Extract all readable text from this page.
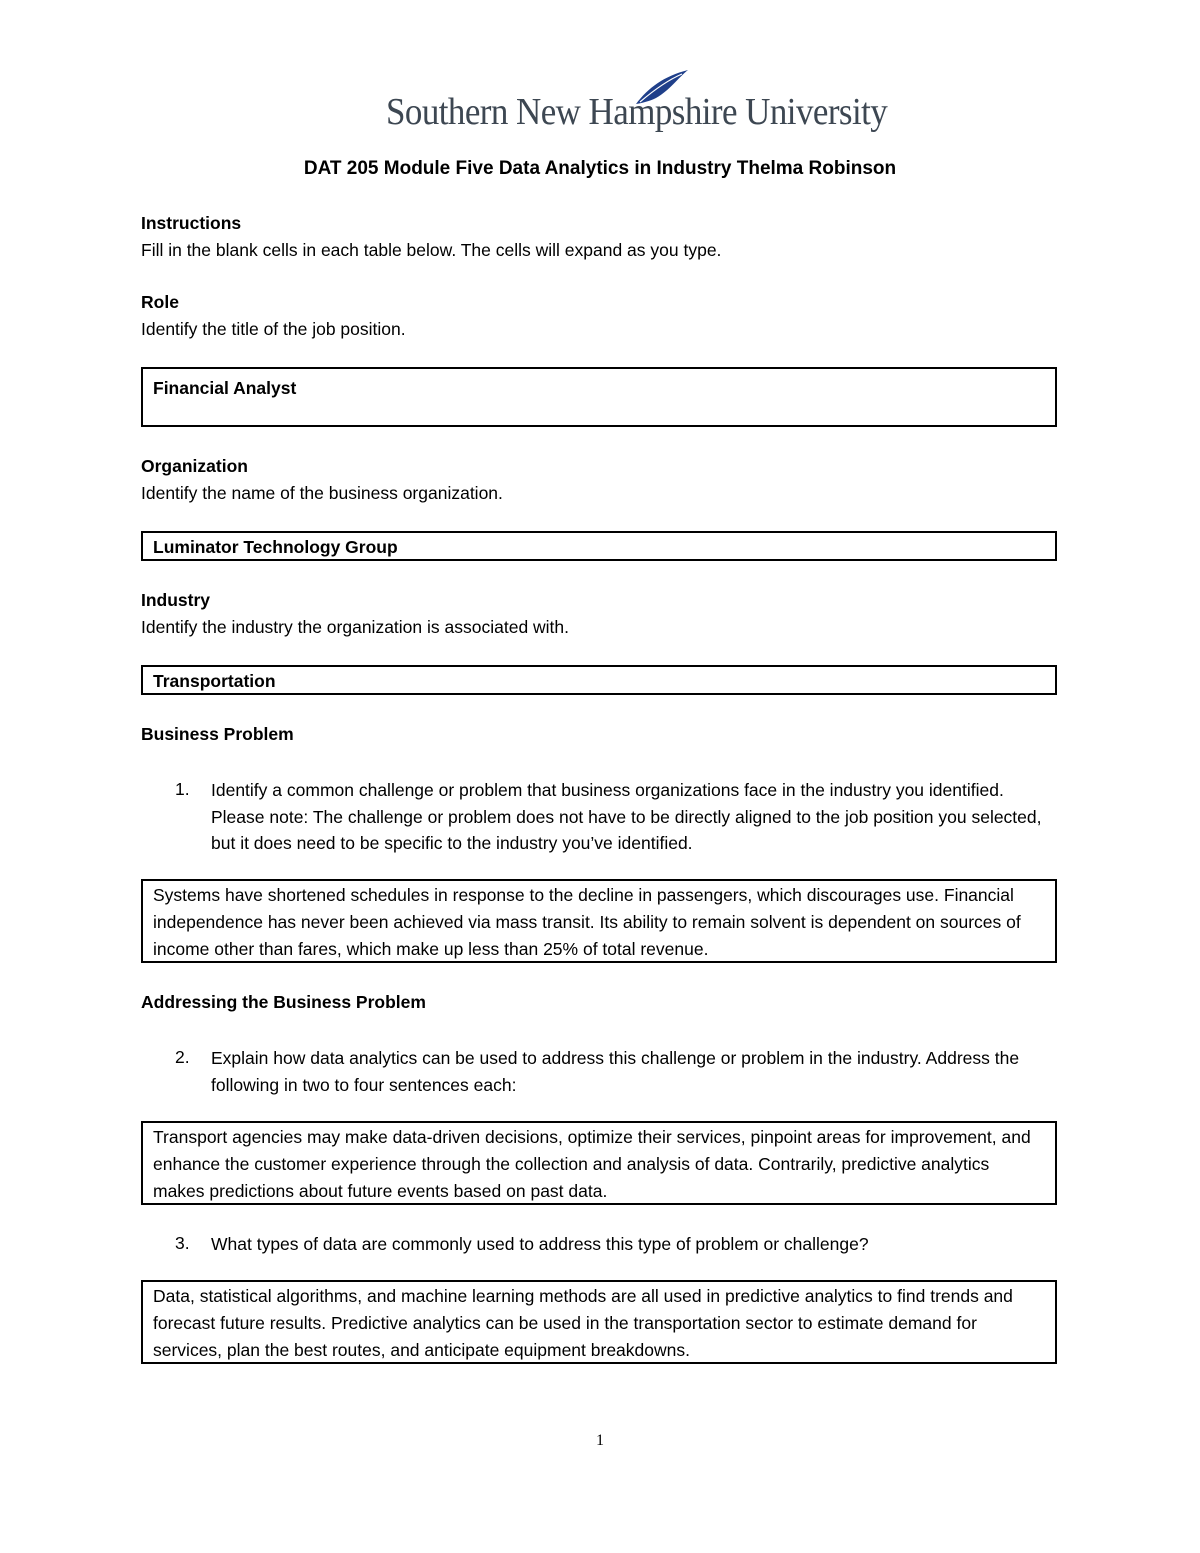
Southern New Hampshire University
DAT 205 Module Five Data Analytics in Industry Thelma Robinson
Instructions
Fill in the blank cells in each table below. The cells will expand as you type.
Role
Identify the title of the job position.
Financial Analyst
Organization
Identify the name of the business organization.
Luminator Technology Group
Industry
Identify the industry the organization is associated with.
Transportation
Business Problem
1. Identify a common challenge or problem that business organizations face in the industry you identified. Please note: The challenge or problem does not have to be directly aligned to the job position you selected, but it does need to be specific to the industry you’ve identified.
Systems have shortened schedules in response to the decline in passengers, which discourages use. Financial independence has never been achieved via mass transit. Its ability to remain solvent is dependent on sources of income other than fares, which make up less than 25% of total revenue.
Addressing the Business Problem
2. Explain how data analytics can be used to address this challenge or problem in the industry. Address the following in two to four sentences each:
Transport agencies may make data-driven decisions, optimize their services, pinpoint areas for improvement, and enhance the customer experience through the collection and analysis of data. Contrarily, predictive analytics makes predictions about future events based on past data.
3. What types of data are commonly used to address this type of problem or challenge?
Data, statistical algorithms, and machine learning methods are all used in predictive analytics to find trends and forecast future results. Predictive analytics can be used in the transportation sector to estimate demand for services, plan the best routes, and anticipate equipment breakdowns.
1
